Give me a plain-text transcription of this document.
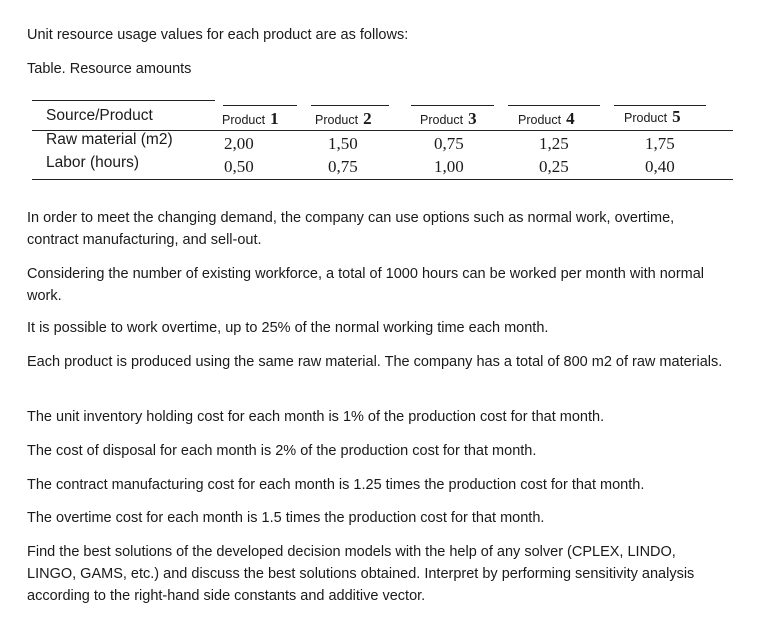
Unit resource usage values for each product are as follows:
Table. Resource amounts
Source/Product	Product 1	Product 2	Product 3	Product 4	Product 5
Raw material (m2)	2,00	1,50	0,75	1,25	1,75
Labor (hours)	0,50	0,75	1,00	0,25	0,40
In order to meet the changing demand, the company can use options such as normal work, overtime, contract manufacturing, and sell-out.
Considering the number of existing workforce, a total of 1000 hours can be worked per month with normal work.
It is possible to work overtime, up to 25% of the normal working time each month.
Each product is produced using the same raw material. The company has a total of 800 m2 of raw materials.
The unit inventory holding cost for each month is 1% of the production cost for that month.
The cost of disposal for each month is 2% of the production cost for that month.
The contract manufacturing cost for each month is 1.25 times the production cost for that month.
The overtime cost for each month is 1.5 times the production cost for that month.
Find the best solutions of the developed decision models with the help of any solver (CPLEX, LINDO, LINGO, GAMS, etc.) and discuss the best solutions obtained. Interpret by performing sensitivity analysis according to the right-hand side constants and additive vector.
